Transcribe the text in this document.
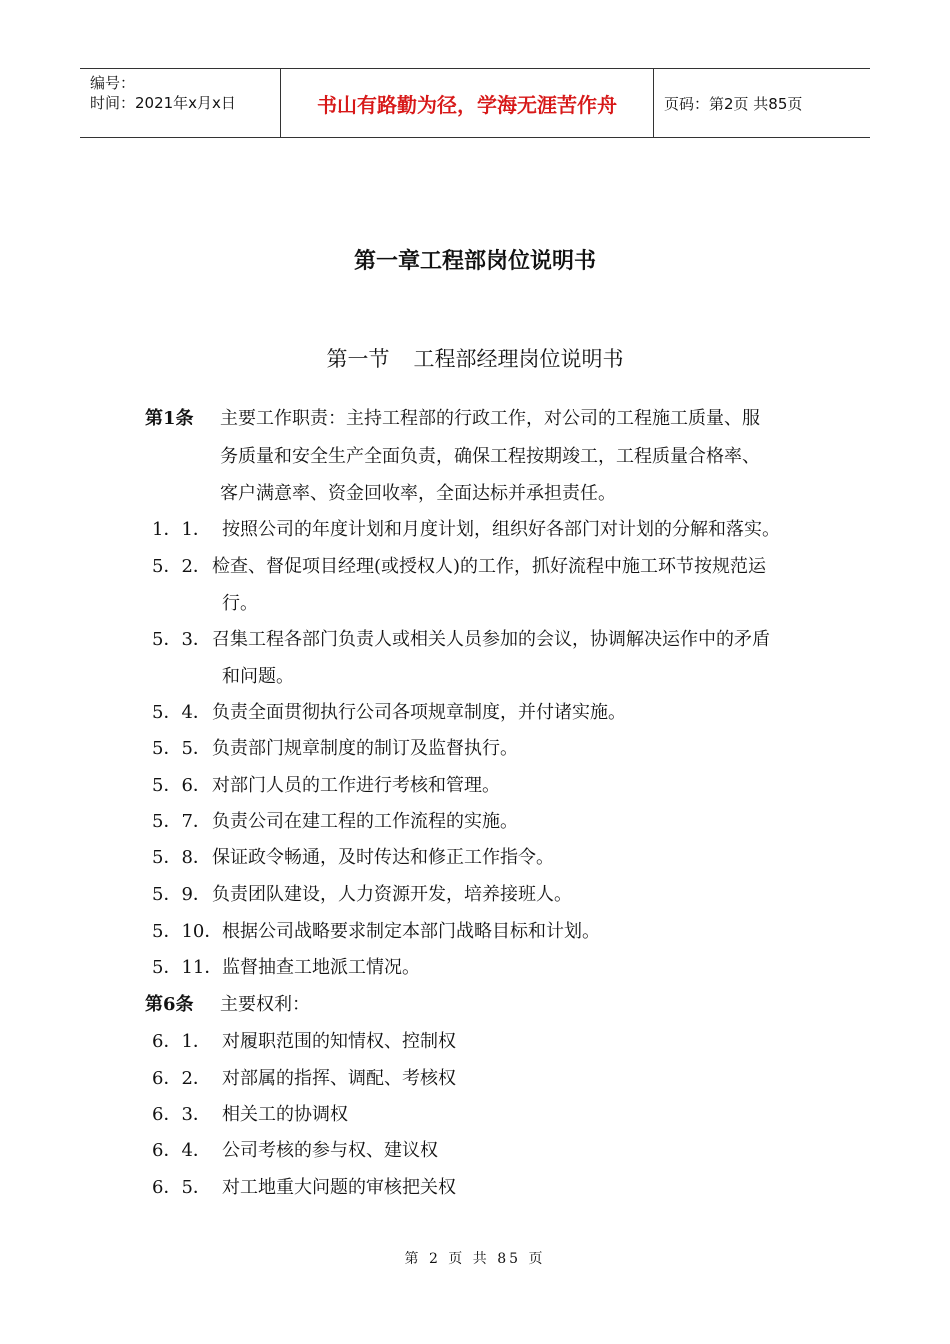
编号：
时间：2021年x月x日	书山有路勤为径，学海无涯苦作舟	页码：第2页 共85页
第一章工程部岗位说明书
第一节 工程部经理岗位说明书
第1条 主要工作职责：主持工程部的行政工作，对公司的工程施工质量、服
务质量和安全生产全面负责，确保工程按期竣工，工程质量合格率、
客户满意率、资金回收率，全面达标并承担责任。
1．1． 按照公司的年度计划和月度计划，组织好各部门对计划的分解和落实。
5．2． 检查、督促项目经理(或授权人)的工作，抓好流程中施工环节按规范运
行。
5．3． 召集工程各部门负责人或相关人员参加的会议，协调解决运作中的矛盾
和问题。
5．4． 负责全面贯彻执行公司各项规章制度，并付诸实施。
5．5． 负责部门规章制度的制订及监督执行。
5．6． 对部门人员的工作进行考核和管理。
5．7． 负责公司在建工程的工作流程的实施。
5．8． 保证政令畅通，及时传达和修正工作指令。
5．9． 负责团队建设，人力资源开发，培养接班人。
5．10． 根据公司战略要求制定本部门战略目标和计划。
5．11． 监督抽查工地派工情况。
第6条 主要权利：
6．1． 对履职范围的知情权、控制权
6．2． 对部属的指挥、调配、考核权
6．3． 相关工的协调权
6．4． 公司考核的参与权、建议权
6．5． 对工地重大问题的审核把关权
第 2 页 共 85 页
